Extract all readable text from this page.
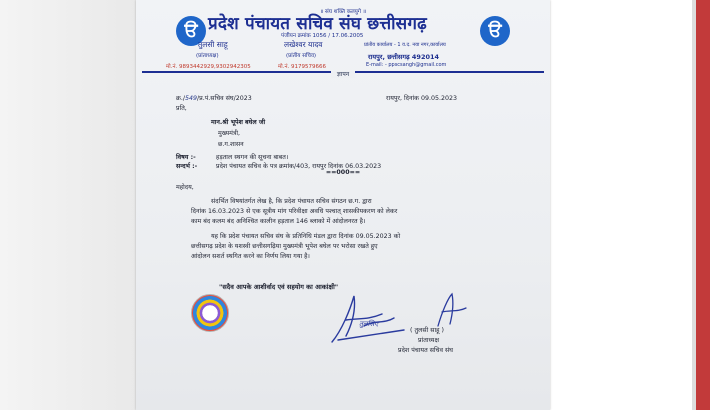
॥ संघ शक्ति कलयुगे ॥
ੳ	ੳ
प्रदेश पंचायत सचिव संघ छत्तीसगढ़
पंजीयन क्रमांक 1056 / 17.06.2005
तुलसी साहू
(प्रांताध्यक्ष)
मो.नं. 9893442929,9302942305
लखेश्वर यादव
(प्रांतीय सचिव)
मो.नं. 9179579666
प्रांतीय कार्यालय - 1 व.द. नया नगर,कार्यालय
रायपुर, छत्तीसगढ़ 492014
E-mail: - ppscsangh@gmail.com
ज्ञापन
क्र./549/प्र.पं.सचिव संघ/2023	रायपुर, दिनांक 09.05.2023
प्रति,
मान.श्री भूपेश बघेल जी
मुख्यमंत्री,
छ.ग.शासन
विषय :-	हड़ताल स्थगन की सूचना बाबत।
सन्दर्भ :-	प्रदेश पंचायत सचिव के पत्र क्रमांक/403, रायपुर दिनांक 06.03.2023
==000==
महोदय,
संदर्भित विषयांतर्गत लेख है, कि प्रदेश पंचायत सचिव संगठन छ.ग. द्वारा
दिनांक 16.03.2023 से एक सूत्रीय मांग परिवीक्षा अवधि पश्चात् शासकीयकरण को लेकर
काम बंद कलम बंद अनिश्चित कालीन हड़ताल 146 ब्लाको में आंदोलनरत है।
यह कि प्रदेश पंचायत सचिव संघ के प्रतिनिधि मंडल द्वारा दिनांक 09.05.2023 को
छत्तीसगढ़ प्रदेश के यशस्वी छत्तीसगढ़िया मुख्यमंत्री भूपेश बघेल पर भरोसा रखते हुए
आंदोलन सशर्त स्थगित करने का निर्णय लिया गया है।
"सदैव आपके आशीर्वाद एवं सहयोग का आकांक्षी"
तुलसिए
( तुलसी साहू )
प्रांताध्यक्ष
प्रदेश पंचायत सचिव संघ
